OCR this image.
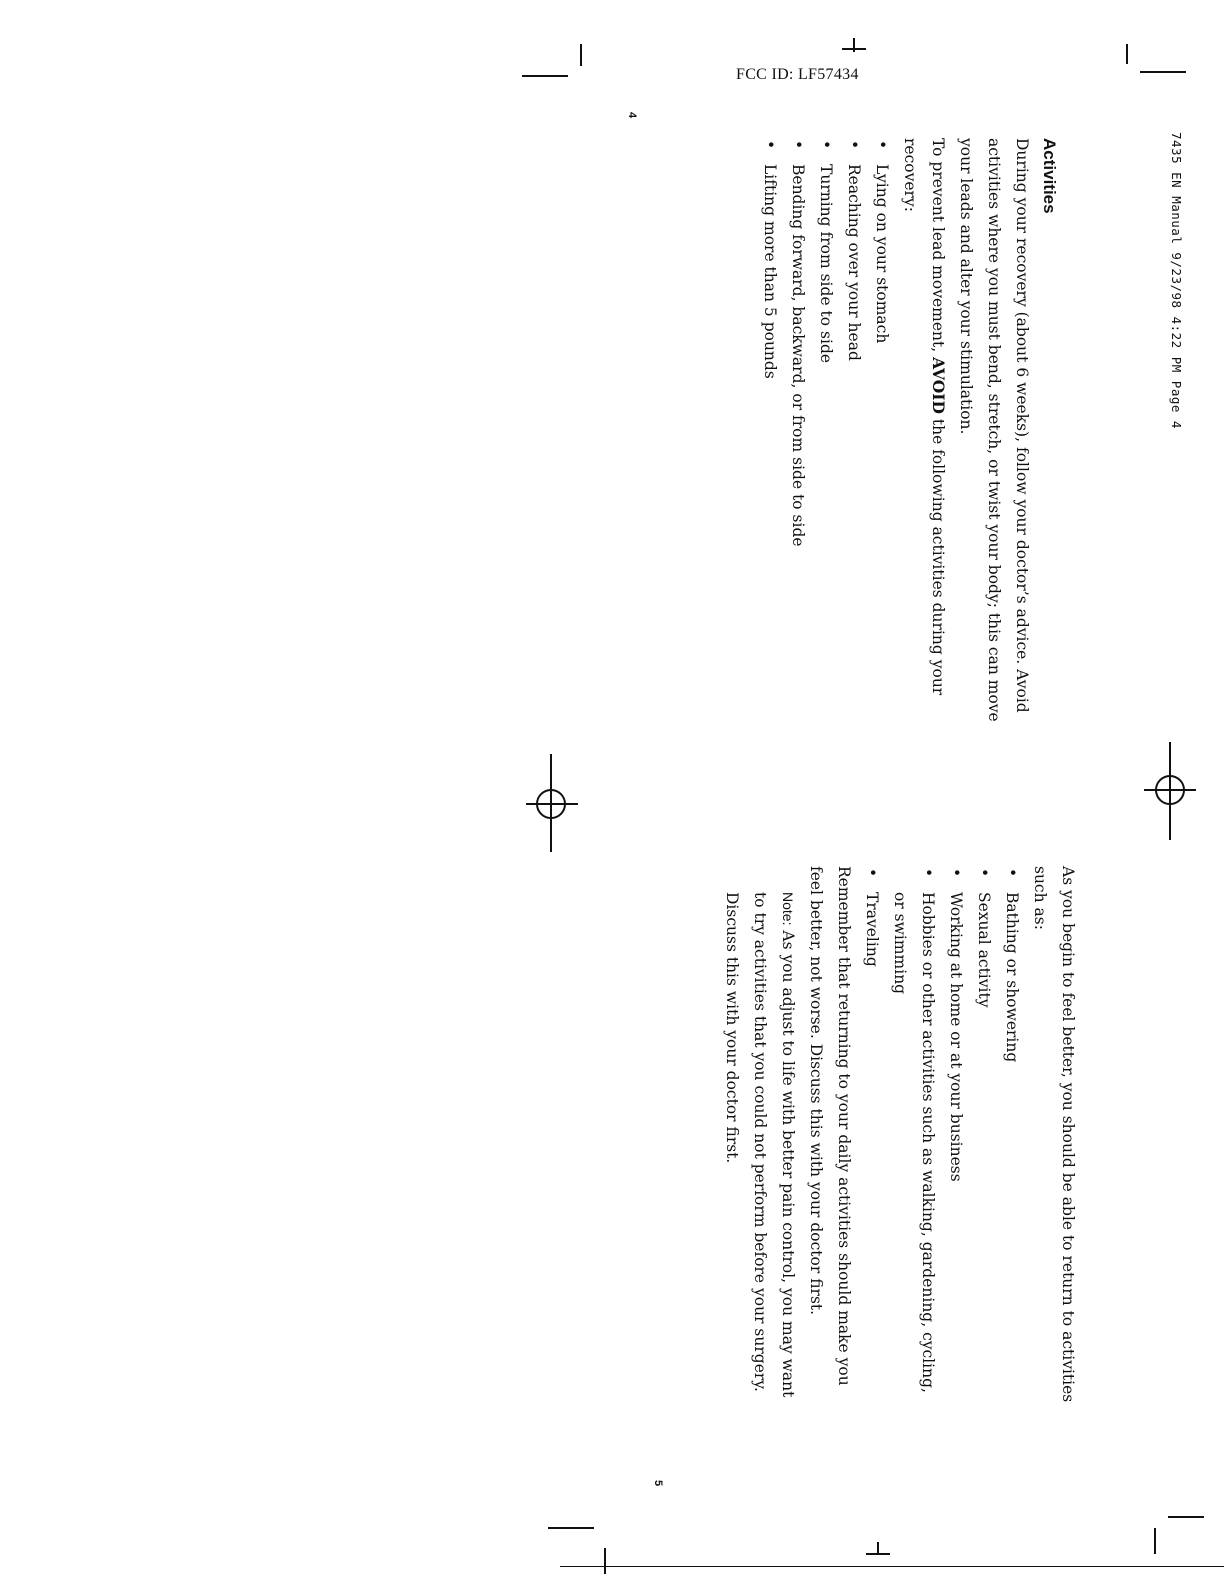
7435 EN Manual 9/23/98 4:22 PM Page 4
FCC ID: LF57434
4
5
Activities

During your recovery (about 6 weeks), follow your doctor’s advice. Avoid activities where you must bend, stretch, or twist your body; this can move your leads and alter your stimulation.

To prevent lead movement, AVOID the following activities during your recovery:

• Lying on your stomach
• Reaching over your head
• Turning from side to side
• Bending forward, backward, or from side to side
• Lifting more than 5 pounds

As you begin to feel better, you should be able to return to activities such as:

• Bathing or showering
• Sexual activity
• Working at home or at your business
• Hobbies or other activities such as walking, gardening, cycling, or swimming
• Traveling

Remember that returning to your daily activities should make you feel better, not worse. Discuss this with your doctor first.

Note: As you adjust to life with better pain control, you may want to try activities that you could not perform before your surgery. Discuss this with your doctor first.
